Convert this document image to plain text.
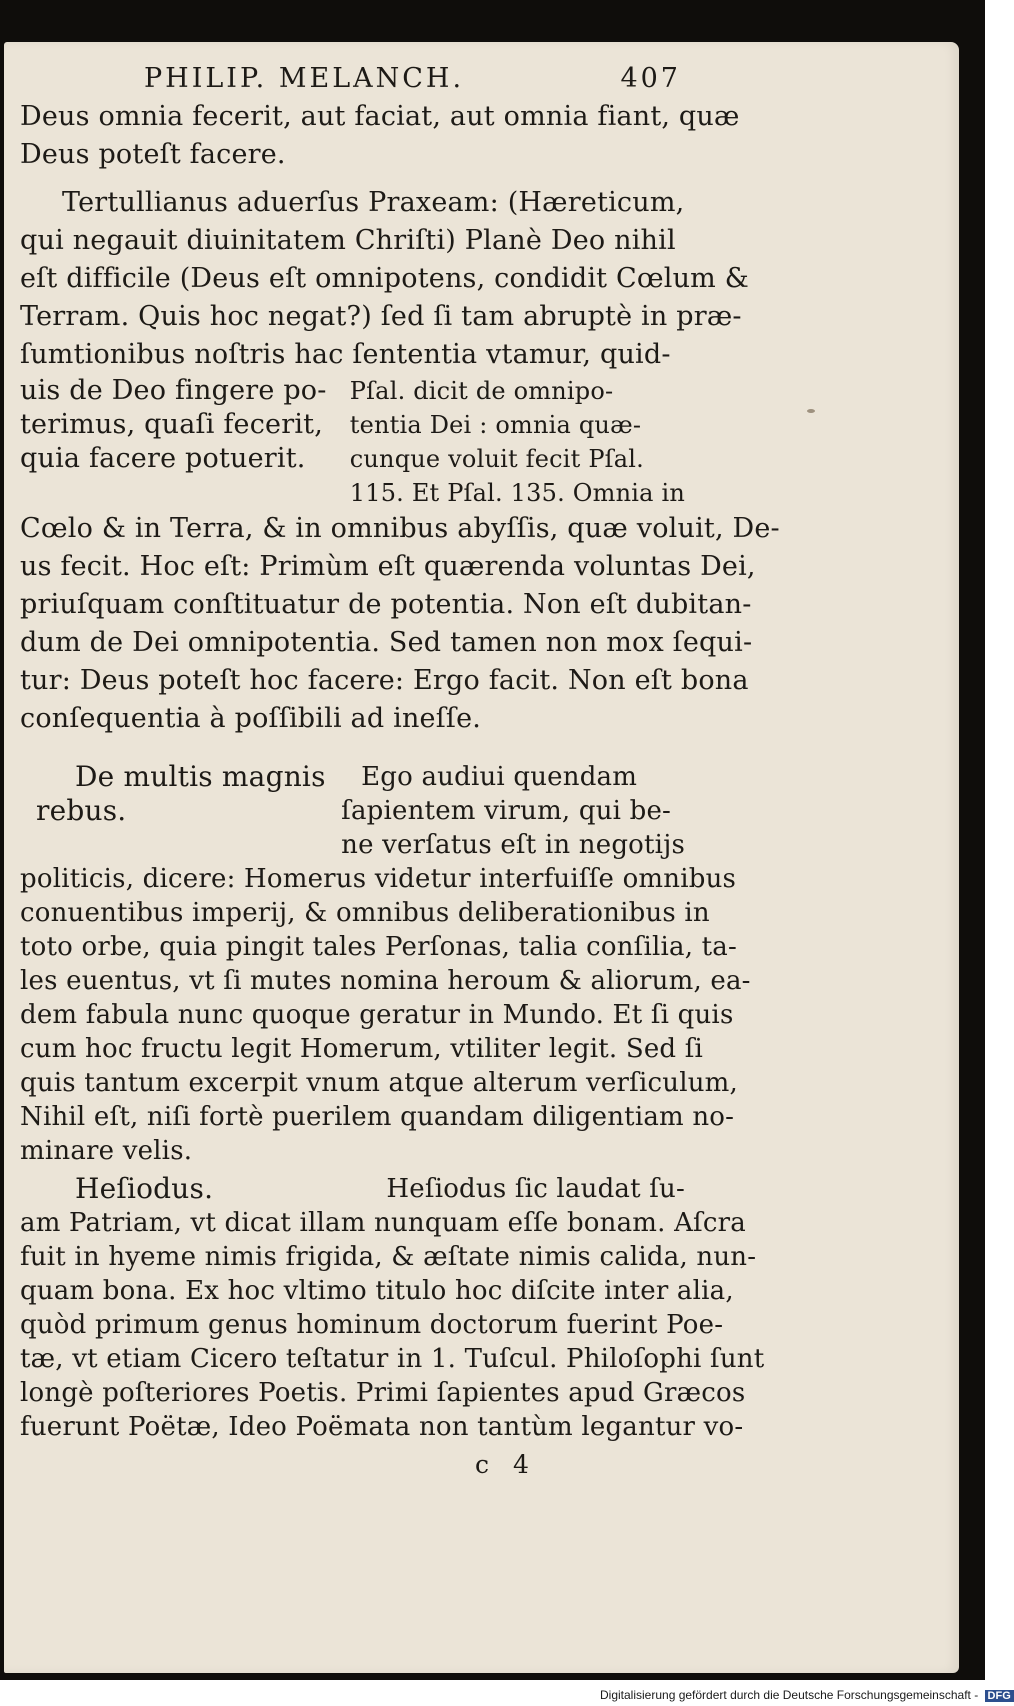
PHILIP. MELANCH.	407
Deus omnia fecerit, aut faciat, aut omnia fiant, quæ
Deus poteſt facere.
Tertullianus aduerſus Praxeam: (Hæreticum,
qui negauit diuinitatem Chriſti) Planè Deo nihil
eſt difficile (Deus eſt omnipotens, condidit Cœlum &
Terram. Quis hoc negat?) ſed ſi tam abruptè in præ-
ſumtionibus noſtris hac ſententia vtamur, quid-
uis de Deo fingere po-
terimus, quaſi fecerit,
quia facere potuerit.
Pſal. dicit de omnipo-
tentia Dei : omnia quæ-
cunque voluit fecit Pſal.
115. Et Pſal. 135. Omnia in
Cœlo & in Terra, & in omnibus abyſſis, quæ voluit, De-
us fecit. Hoc eſt: Primùm eſt quærenda voluntas Dei,
priuſquam conſtituatur de potentia. Non eſt dubitan-
dum de Dei omnipotentia. Sed tamen non mox ſequi-
tur: Deus poteſt hoc facere: Ergo facit. Non eſt bona
conſequentia à poſſibili ad ineſſe.
De multis magnis
rebus.
Ego audiui quendam
ſapientem virum, qui be-
ne verſatus eſt in negotijs
politicis, dicere: Homerus videtur interfuiſſe omnibus
conuentibus imperij, & omnibus deliberationibus in
toto orbe, quia pingit tales Perſonas, talia conſilia, ta-
les euentus, vt ſi mutes nomina heroum & aliorum, ea-
dem fabula nunc quoque geratur in Mundo. Et ſi quis
cum hoc fructu legit Homerum, vtiliter legit. Sed ſi
quis tantum excerpit vnum atque alterum verſiculum,
Nihil eſt, niſi fortè puerilem quandam diligentiam no-
minare velis.
Heſiodus.	Heſiodus ſic laudat ſu-
am Patriam, vt dicat illam nunquam eſſe bonam. Aſcra
fuit in hyeme nimis frigida, & æſtate nimis calida, nun-
quam bona. Ex hoc vltimo titulo hoc diſcite inter alia,
quòd primum genus hominum doctorum fuerint Poe-
tæ, vt etiam Cicero teſtatur in 1. Tuſcul. Philoſophi ſunt
longè poſteriores Poetis. Primi ſapientes apud Græcos
fuerunt Poëtæ, Ideo Poëmata non tantùm legantur vo-
c 4
Digitalisierung gefördert durch die Deutsche Forschungsgemeinschaft - DFG
